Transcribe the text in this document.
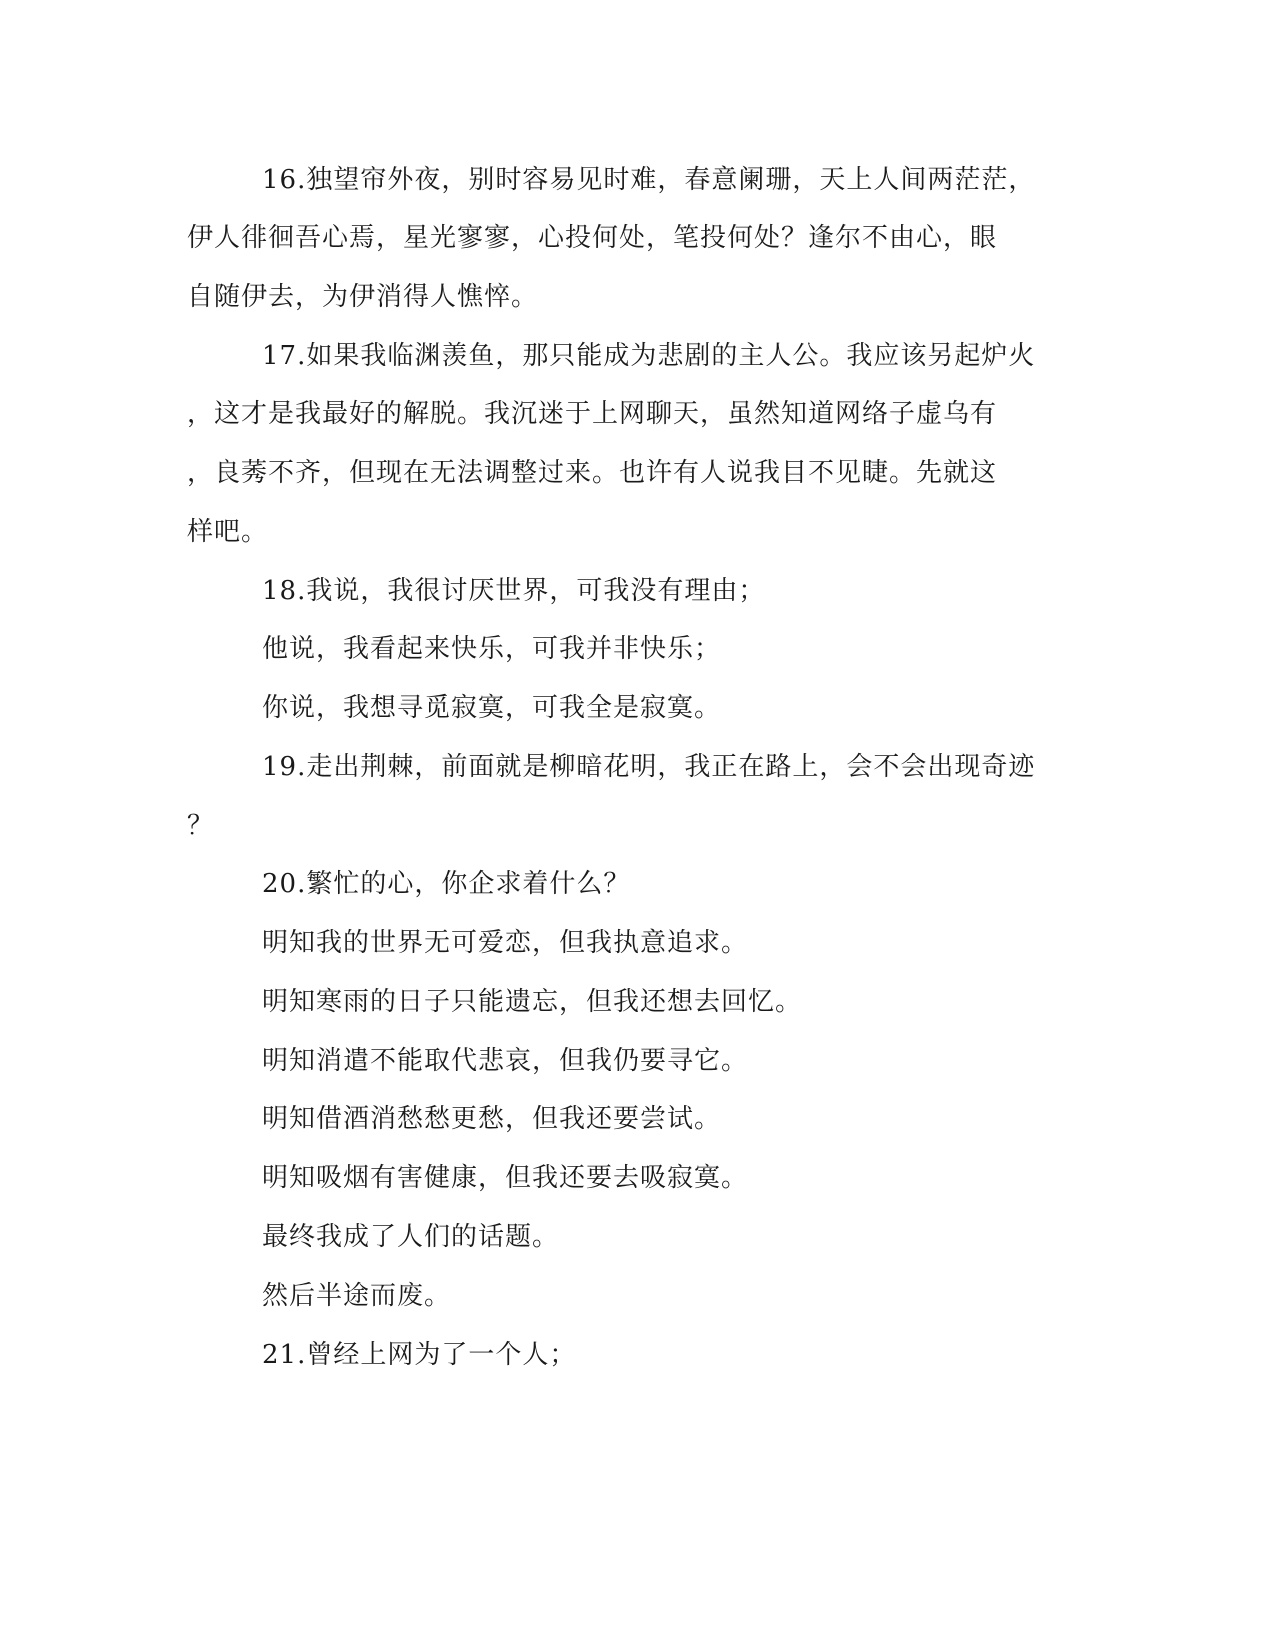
16.独望帘外夜，别时容易见时难，春意阑珊，天上人间两茫茫，
伊人徘徊吾心焉，星光寥寥，心投何处，笔投何处？逢尔不由心，眼
自随伊去，为伊消得人憔悴。
17.如果我临渊羡鱼，那只能成为悲剧的主人公。我应该另起炉火
，这才是我最好的解脱。我沉迷于上网聊天，虽然知道网络子虚乌有
，良莠不齐，但现在无法调整过来。也许有人说我目不见睫。先就这
样吧。
18.我说，我很讨厌世界，可我没有理由；
他说，我看起来快乐，可我并非快乐；
你说，我想寻觅寂寞，可我全是寂寞。
19.走出荆棘，前面就是柳暗花明，我正在路上，会不会出现奇迹
？
20.繁忙的心，你企求着什么？
明知我的世界无可爱恋，但我执意追求。
明知寒雨的日子只能遗忘，但我还想去回忆。
明知消遣不能取代悲哀，但我仍要寻它。
明知借酒消愁愁更愁，但我还要尝试。
明知吸烟有害健康，但我还要去吸寂寞。
最终我成了人们的话题。
然后半途而废。
21.曾经上网为了一个人；
